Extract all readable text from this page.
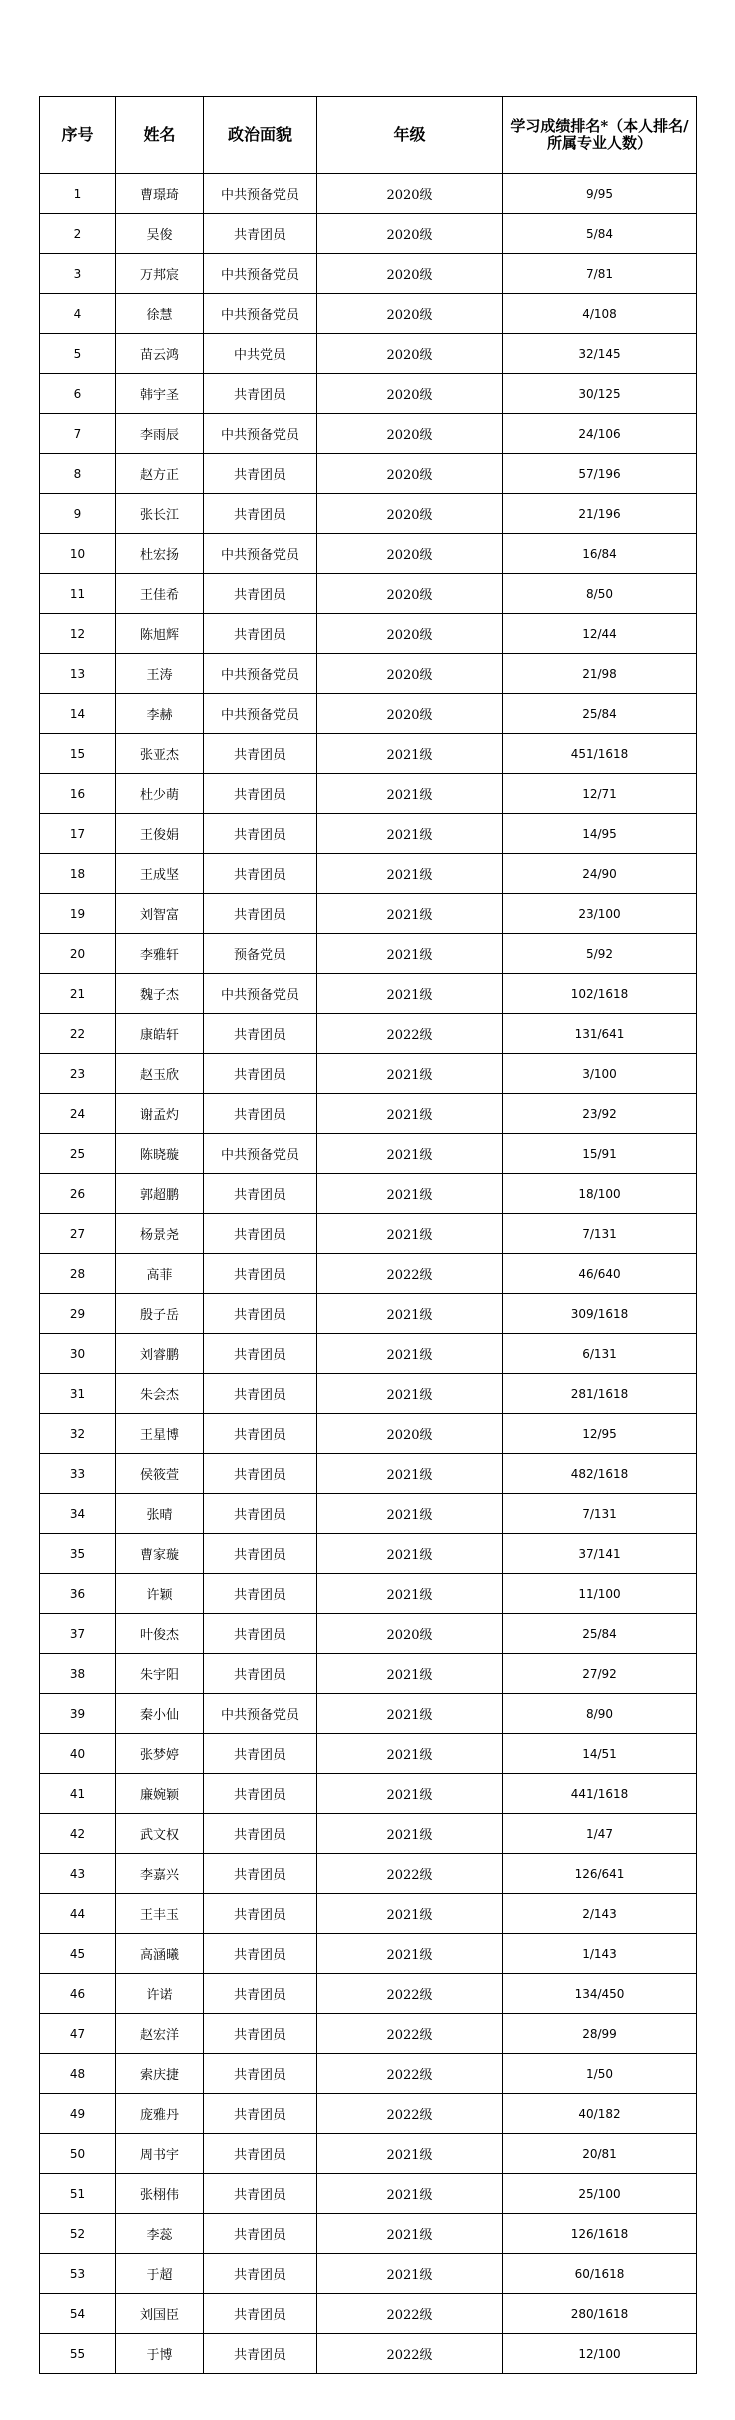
序号	姓名	政治面貌	年级	学习成绩排名*（本人排名/所属专业人数）
1	曹璟琦	中共预备党员	2020级	9/95
2	吴俊	共青团员	2020级	5/84
3	万邦宸	中共预备党员	2020级	7/81
4	徐慧	中共预备党员	2020级	4/108
5	苗云鸿	中共党员	2020级	32/145
6	韩宇圣	共青团员	2020级	30/125
7	李雨辰	中共预备党员	2020级	24/106
8	赵方正	共青团员	2020级	57/196
9	张长江	共青团员	2020级	21/196
10	杜宏扬	中共预备党员	2020级	16/84
11	王佳希	共青团员	2020级	8/50
12	陈旭辉	共青团员	2020级	12/44
13	王涛	中共预备党员	2020级	21/98
14	李赫	中共预备党员	2020级	25/84
15	张亚杰	共青团员	2021级	451/1618
16	杜少萌	共青团员	2021级	12/71
17	王俊娟	共青团员	2021级	14/95
18	王成坚	共青团员	2021级	24/90
19	刘智富	共青团员	2021级	23/100
20	李雅轩	预备党员	2021级	5/92
21	魏子杰	中共预备党员	2021级	102/1618
22	康皓轩	共青团员	2022级	131/641
23	赵玉欣	共青团员	2021级	3/100
24	谢孟灼	共青团员	2021级	23/92
25	陈晓璇	中共预备党员	2021级	15/91
26	郭超鹏	共青团员	2021级	18/100
27	杨景尧	共青团员	2021级	7/131
28	高菲	共青团员	2022级	46/640
29	殷子岳	共青团员	2021级	309/1618
30	刘睿鹏	共青团员	2021级	6/131
31	朱会杰	共青团员	2021级	281/1618
32	王星博	共青团员	2020级	12/95
33	侯筱萱	共青团员	2021级	482/1618
34	张晴	共青团员	2021级	7/131
35	曹家璇	共青团员	2021级	37/141
36	许颖	共青团员	2021级	11/100
37	叶俊杰	共青团员	2020级	25/84
38	朱宇阳	共青团员	2021级	27/92
39	秦小仙	中共预备党员	2021级	8/90
40	张梦婷	共青团员	2021级	14/51
41	廉婉颖	共青团员	2021级	441/1618
42	武文权	共青团员	2021级	1/47
43	李嘉兴	共青团员	2022级	126/641
44	王丰玉	共青团员	2021级	2/143
45	高涵曦	共青团员	2021级	1/143
46	许诺	共青团员	2022级	134/450
47	赵宏洋	共青团员	2022级	28/99
48	索庆捷	共青团员	2022级	1/50
49	庞雅丹	共青团员	2022级	40/182
50	周书宇	共青团员	2021级	20/81
51	张栩伟	共青团员	2021级	25/100
52	李蕊	共青团员	2021级	126/1618
53	于超	共青团员	2021级	60/1618
54	刘国臣	共青团员	2022级	280/1618
55	于博	共青团员	2022级	12/100
